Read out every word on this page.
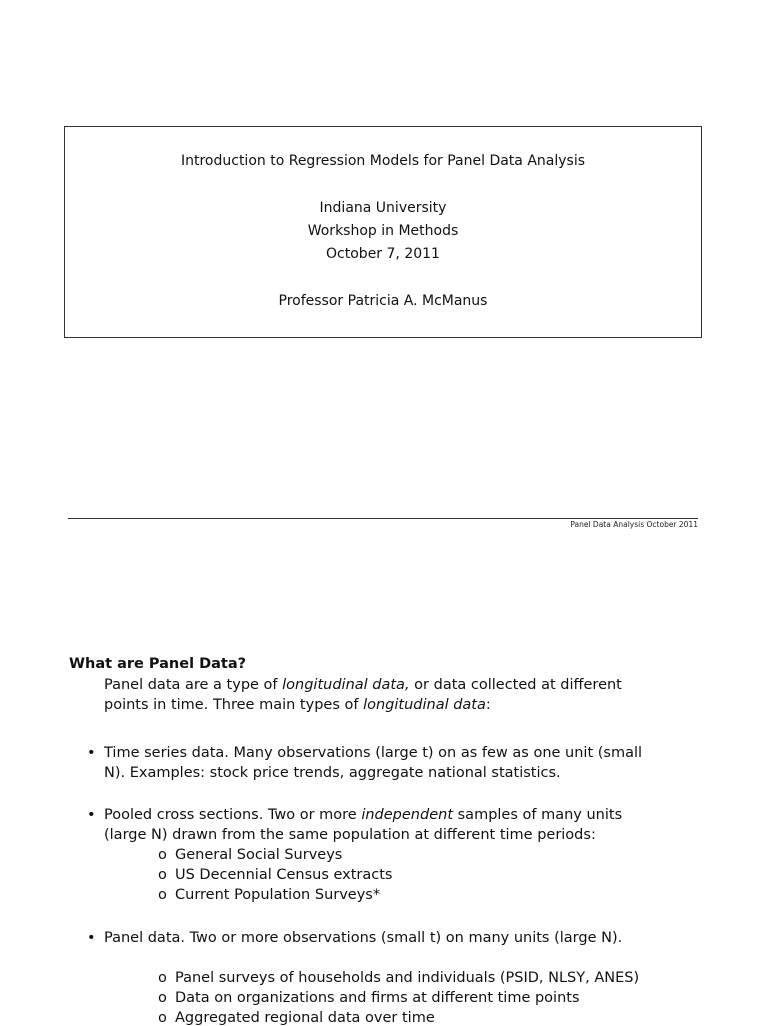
Introduction to Regression Models for Panel Data Analysis
Indiana University
Workshop in Methods
October 7, 2011
Professor Patricia A. McManus
Panel Data Analysis October 2011
What are Panel Data?
Panel data are a type of longitudinal data, or data collected at different
points in time. Three main types of longitudinal data:
• Time series data. Many observations (large t) on as few as one unit (small
N). Examples: stock price trends, aggregate national statistics.
• Pooled cross sections. Two or more independent samples of many units
(large N) drawn from the same population at different time periods:
o General Social Surveys
o US Decennial Census extracts
o Current Population Surveys*
• Panel data. Two or more observations (small t) on many units (large N).
o Panel surveys of households and individuals (PSID, NLSY, ANES)
o Data on organizations and firms at different time points
o Aggregated regional data over time
